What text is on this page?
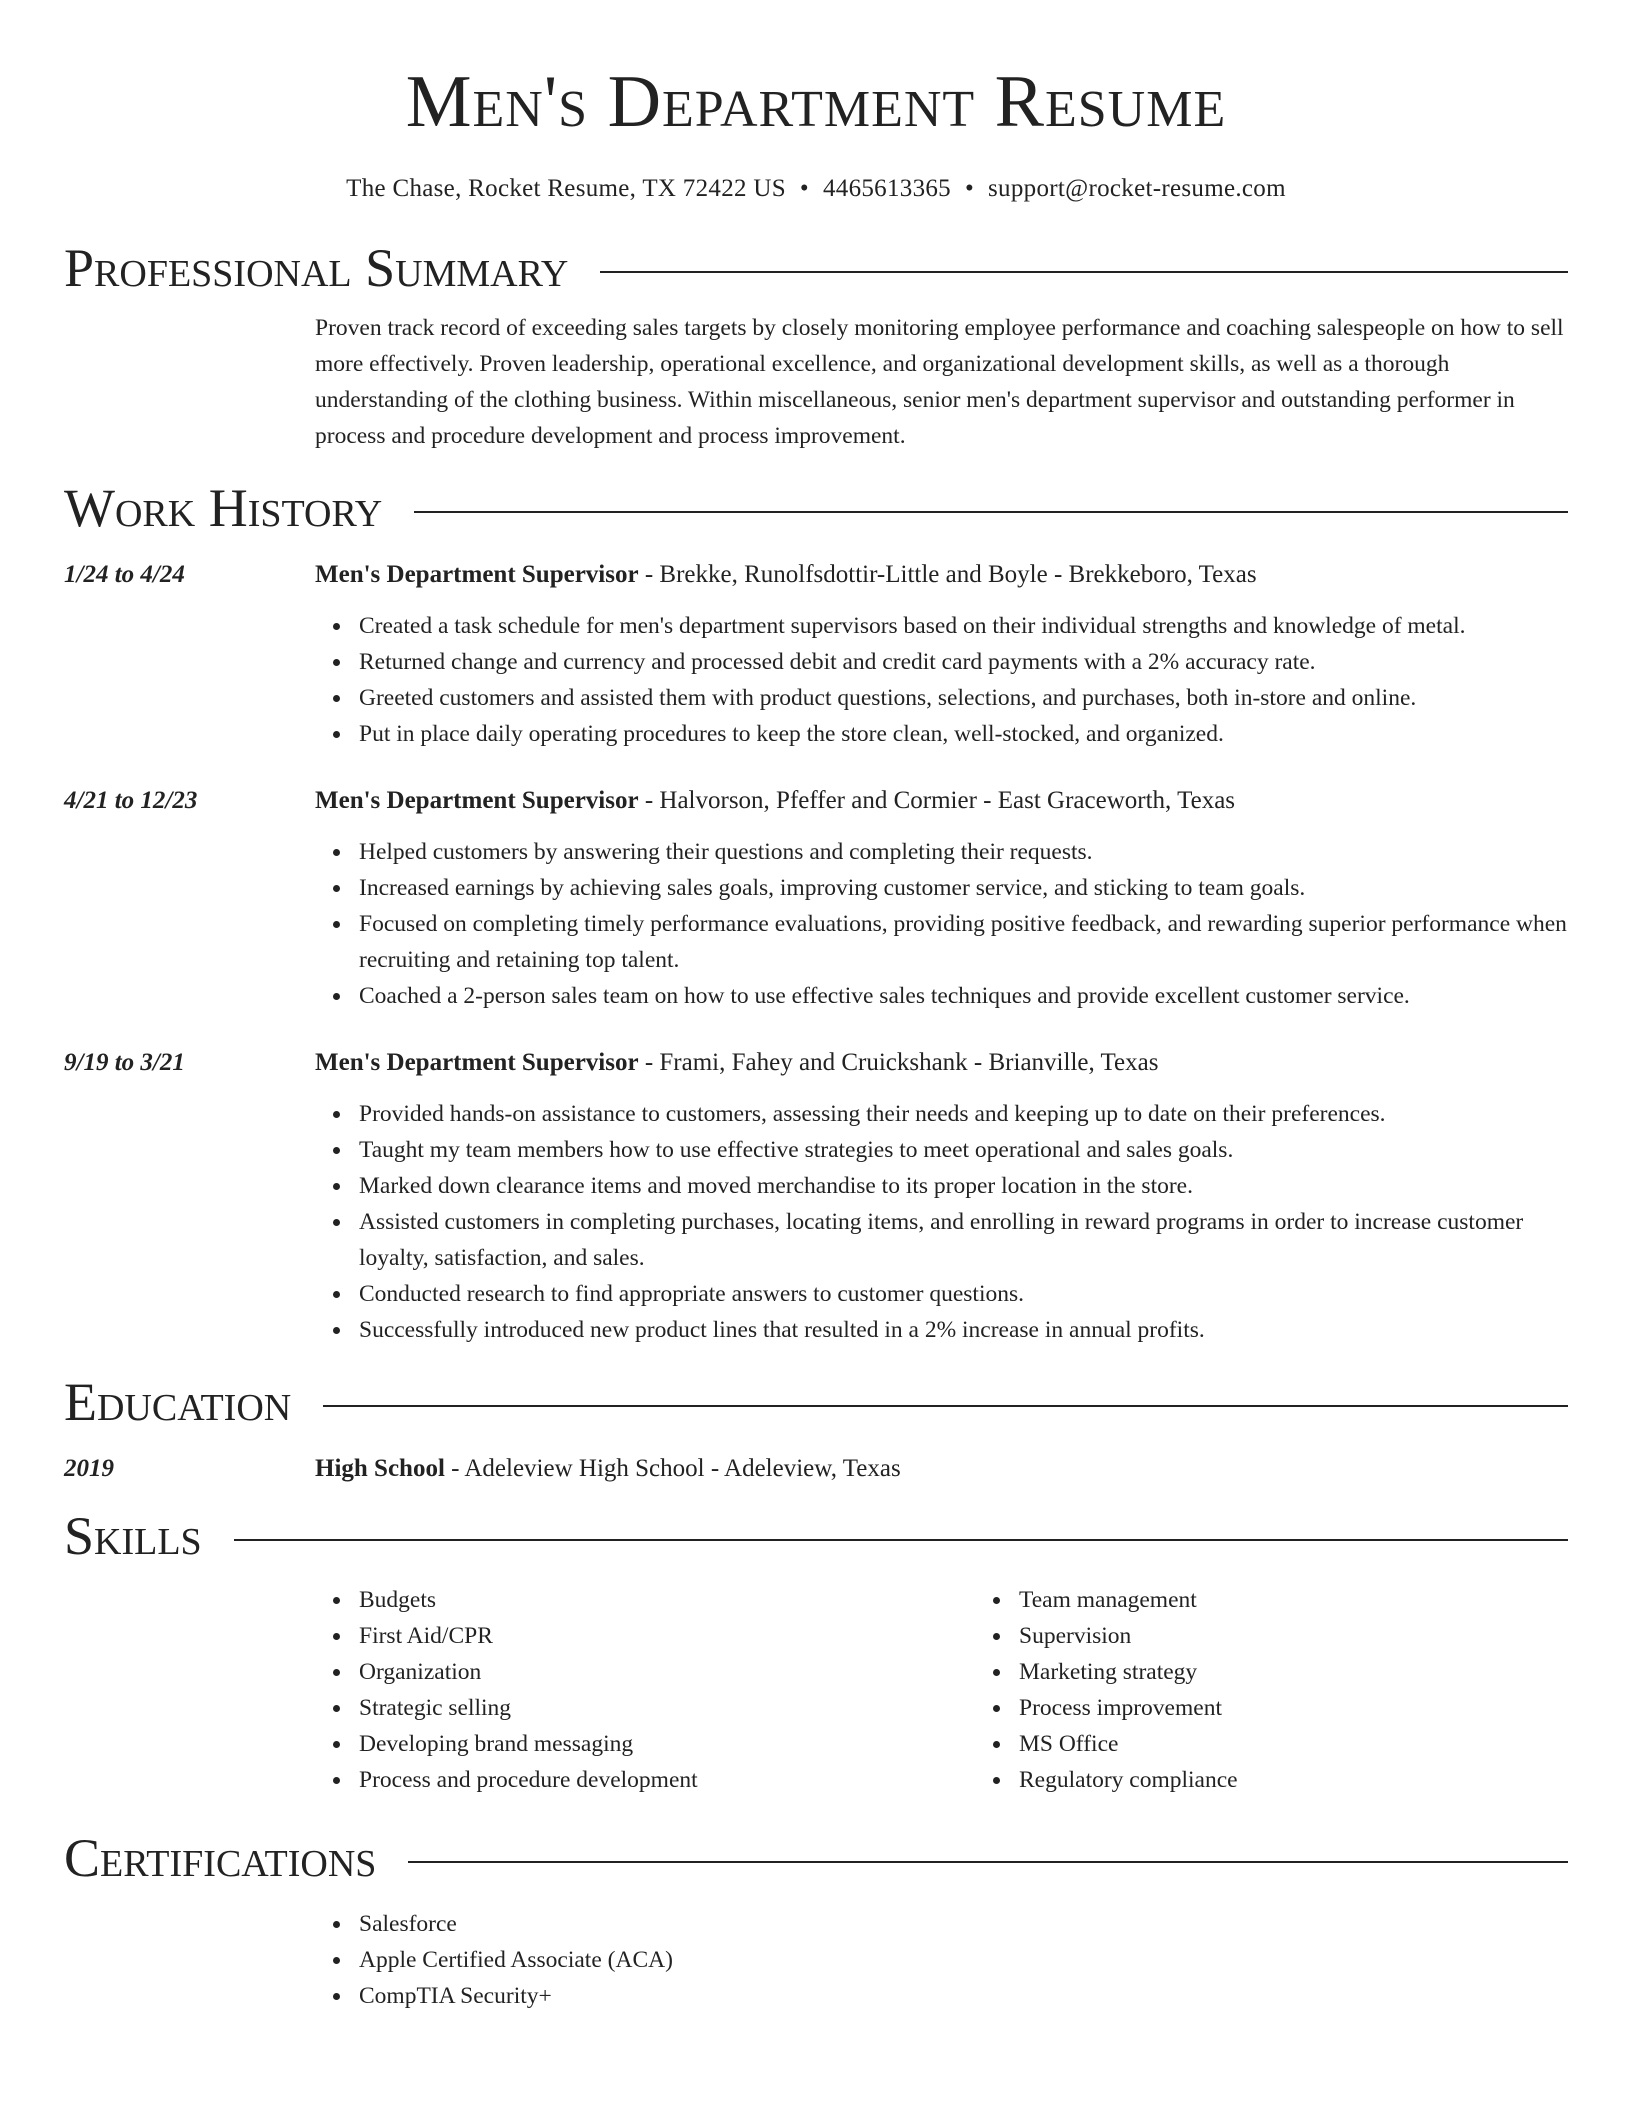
Men's Department Resume
The Chase, Rocket Resume, TX 72422 US • 4465613365 • support@rocket-resume.com
Professional Summary
Proven track record of exceeding sales targets by closely monitoring employee performance and coaching salespeople on how to sell more effectively. Proven leadership, operational excellence, and organizational development skills, as well as a thorough understanding of the clothing business. Within miscellaneous, senior men's department supervisor and outstanding performer in process and procedure development and process improvement.
Work History
1/24 to 4/24	Men's Department Supervisor - Brekke, Runolfsdottir-Little and Boyle - Brekkeboro, Texas
Created a task schedule for men's department supervisors based on their individual strengths and knowledge of metal.
Returned change and currency and processed debit and credit card payments with a 2% accuracy rate.
Greeted customers and assisted them with product questions, selections, and purchases, both in-store and online.
Put in place daily operating procedures to keep the store clean, well-stocked, and organized.
4/21 to 12/23	Men's Department Supervisor - Halvorson, Pfeffer and Cormier - East Graceworth, Texas
Helped customers by answering their questions and completing their requests.
Increased earnings by achieving sales goals, improving customer service, and sticking to team goals.
Focused on completing timely performance evaluations, providing positive feedback, and rewarding superior performance when recruiting and retaining top talent.
Coached a 2-person sales team on how to use effective sales techniques and provide excellent customer service.
9/19 to 3/21	Men's Department Supervisor - Frami, Fahey and Cruickshank - Brianville, Texas
Provided hands-on assistance to customers, assessing their needs and keeping up to date on their preferences.
Taught my team members how to use effective strategies to meet operational and sales goals.
Marked down clearance items and moved merchandise to its proper location in the store.
Assisted customers in completing purchases, locating items, and enrolling in reward programs in order to increase customer loyalty, satisfaction, and sales.
Conducted research to find appropriate answers to customer questions.
Successfully introduced new product lines that resulted in a 2% increase in annual profits.
Education
2019	High School - Adeleview High School - Adeleview, Texas
Skills
Budgets
First Aid/CPR
Organization
Strategic selling
Developing brand messaging
Process and procedure development
Team management
Supervision
Marketing strategy
Process improvement
MS Office
Regulatory compliance
Certifications
Salesforce
Apple Certified Associate (ACA)
CompTIA Security+
